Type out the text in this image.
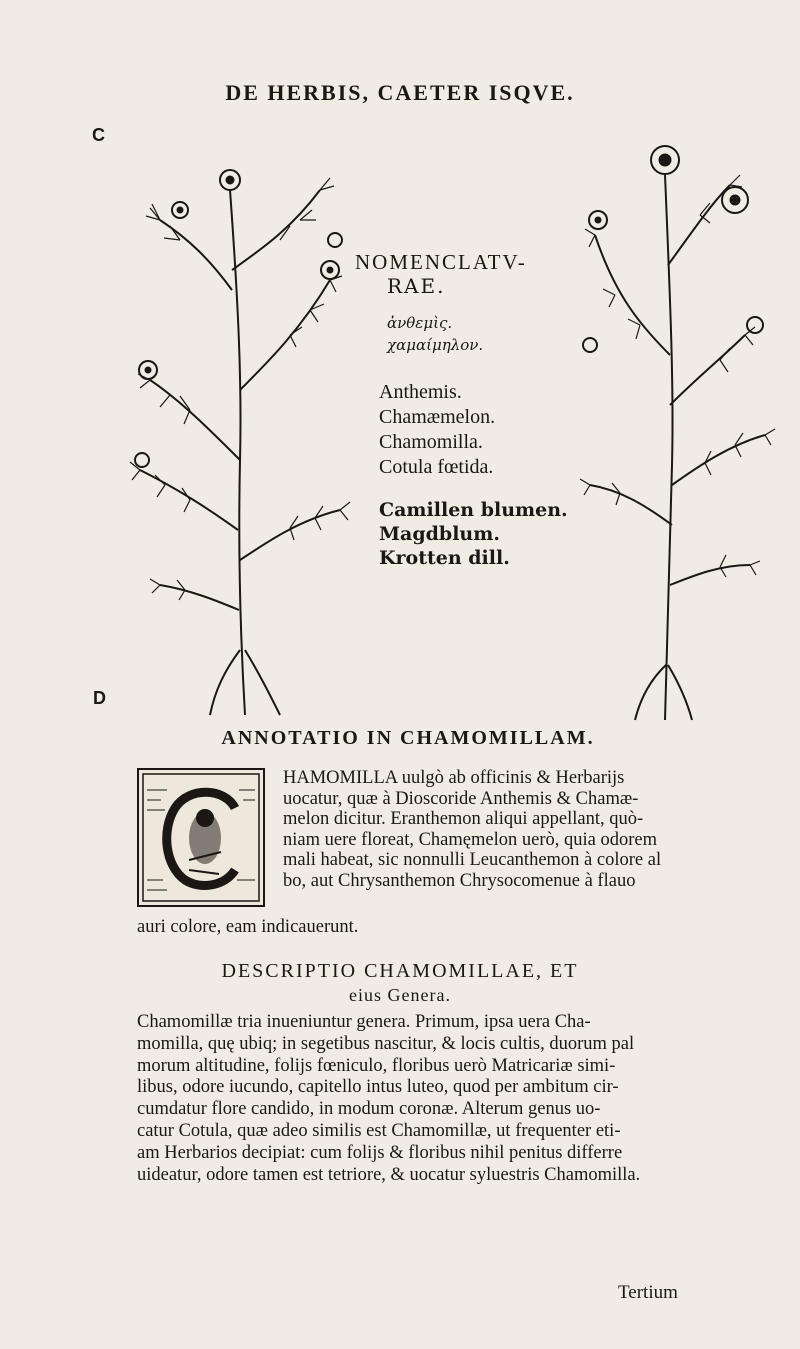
DE HERBIS, CAETER ISQVE.
C
D
NOMENCLATV-
RAE.
ἀνθεμὶς.
χαμαίμηλον.
Anthemis.
Chamæmelon.
Chamomilla.
Cotula fœtida.
Camillen blumen.
Magdblum.
Krotten dill.
ANNOTATIO IN CHAMOMILLAM.
HAMOMILLA uulgò ab officinis & Herbarijs
uocatur, quæ à Dioscoride Anthemis & Chamæ-
melon dicitur. Eranthemon aliqui appellant, quò-
niam uere floreat, Chamęmelon uerò, quia odorem
mali habeat, sic nonnulli Leucanthemon à colore al
bo, aut Chrysanthemon Chrysocomenue à flauo
auri colore, eam indicauerunt.
DESCRIPTIO CHAMOMILLAE, ET
eius Genera.
Chamomillæ tria inueniuntur genera. Primum, ipsa uera Cha-
momilla, quę ubiq; in segetibus nascitur, & locis cultis, duorum pal
morum altitudine, folijs fœniculo, floribus uerò Matricariæ simi-
libus, odore iucundo, capitello intus luteo, quod per ambitum cir-
cumdatur flore candido, in modum coronæ. Alterum genus uo-
catur Cotula, quæ adeo similis est Chamomillæ, ut frequenter eti-
am Herbarios decipiat: cum folijs & floribus nihil penitus differre
uideatur, odore tamen est tetriore, & uocatur syluestris Chamomilla.
Tertium
